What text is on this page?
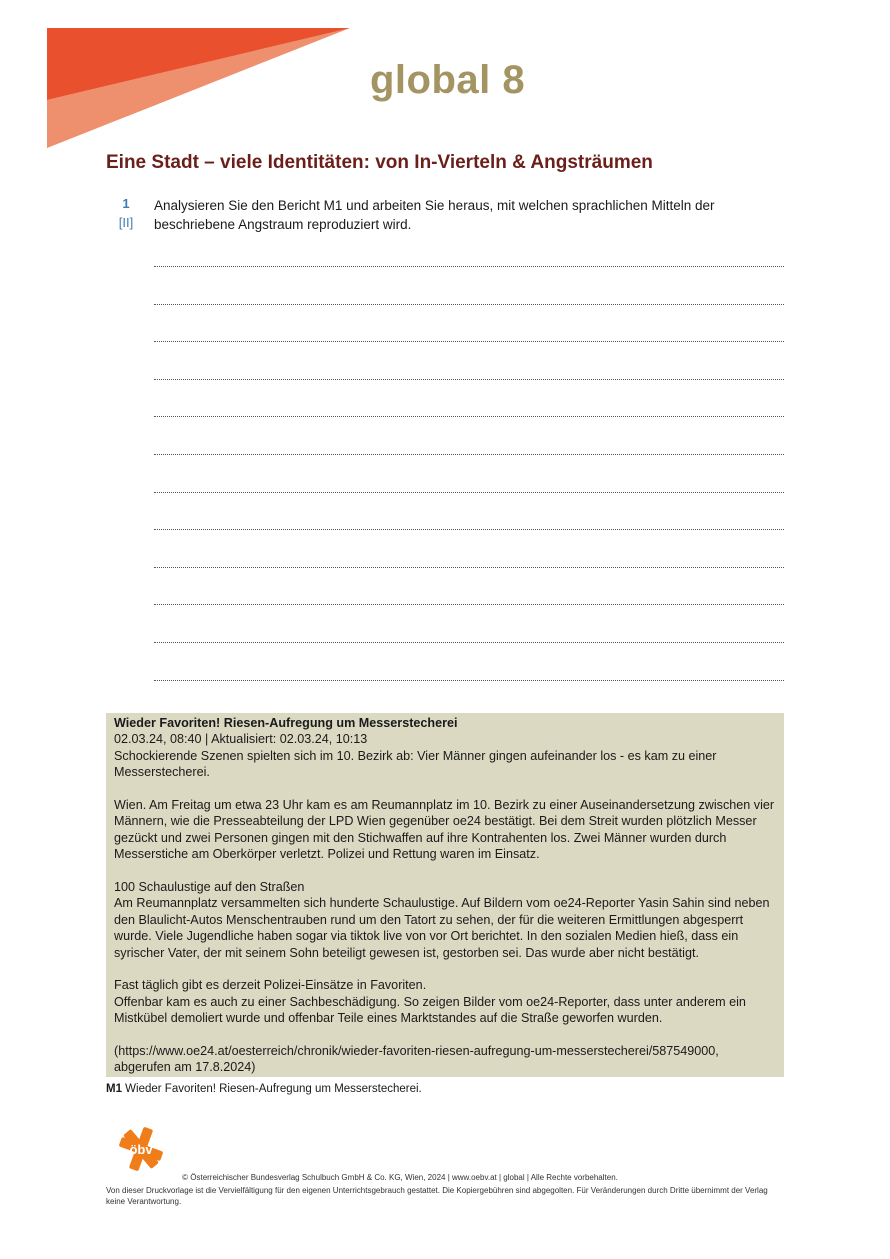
global 8
Eine Stadt – viele Identitäten: von In-Vierteln & Angsträumen
1
[II]
Analysieren Sie den Bericht M1 und arbeiten Sie heraus, mit welchen sprachlichen Mitteln der beschriebene Angstraum reproduziert wird.

Wieder Favoriten! Riesen-Aufregung um Messerstecherei

02.03.24, 08:40 | Aktualisiert: 02.03.24, 10:13

Schockierende Szenen spielten sich im 10. Bezirk ab: Vier Männer gingen aufeinander los - es kam zu einer Messerstecherei.

Wien. Am Freitag um etwa 23 Uhr kam es am Reumannplatz im 10. Bezirk zu einer Auseinandersetzung zwischen vier Männern, wie die Presseabteilung der LPD Wien gegenüber oe24 bestätigt. Bei dem Streit wurden plötzlich Messer gezückt und zwei Personen gingen mit den Stichwaffen auf ihre Kontrahenten los. Zwei Männer wurden durch Messerstiche am Oberkörper verletzt. Polizei und Rettung waren im Einsatz.

100 Schaulustige auf den Straßen

Am Reumannplatz versammelten sich hunderte Schaulustige. Auf Bildern vom oe24-Reporter Yasin Sahin sind neben den Blaulicht-Autos Menschentrauben rund um den Tatort zu sehen, der für die weiteren Ermittlungen abgesperrt wurde. Viele Jugendliche haben sogar via tiktok live von vor Ort berichtet. In den sozialen Medien hieß, dass ein syrischer Vater, der mit seinem Sohn beteiligt gewesen ist, gestorben sei. Das wurde aber nicht bestätigt.

Fast täglich gibt es derzeit Polizei-Einsätze in Favoriten.

Offenbar kam es auch zu einer Sachbeschädigung. So zeigen Bilder vom oe24-Reporter, dass unter anderem ein Mistkübel demoliert wurde und offenbar Teile eines Marktstandes auf die Straße geworfen wurden.

(https://www.oe24.at/oesterreich/chronik/wieder-favoriten-riesen-aufregung-um-messerstecherei/587549000, abgerufen am 17.8.2024)

M1 Wieder Favoriten! Riesen-Aufregung um Messerstecherei.
öbv
© Österreichischer Bundesverlag Schulbuch GmbH & Co. KG, Wien, 2024 | www.oebv.at | global | Alle Rechte vorbehalten.
Von dieser Druckvorlage ist die Vervielfältigung für den eigenen Unterrichtsgebrauch gestattet. Die Kopiergebühren sind abgegolten. Für Veränderungen durch Dritte übernimmt der Verlag keine Verantwortung.
